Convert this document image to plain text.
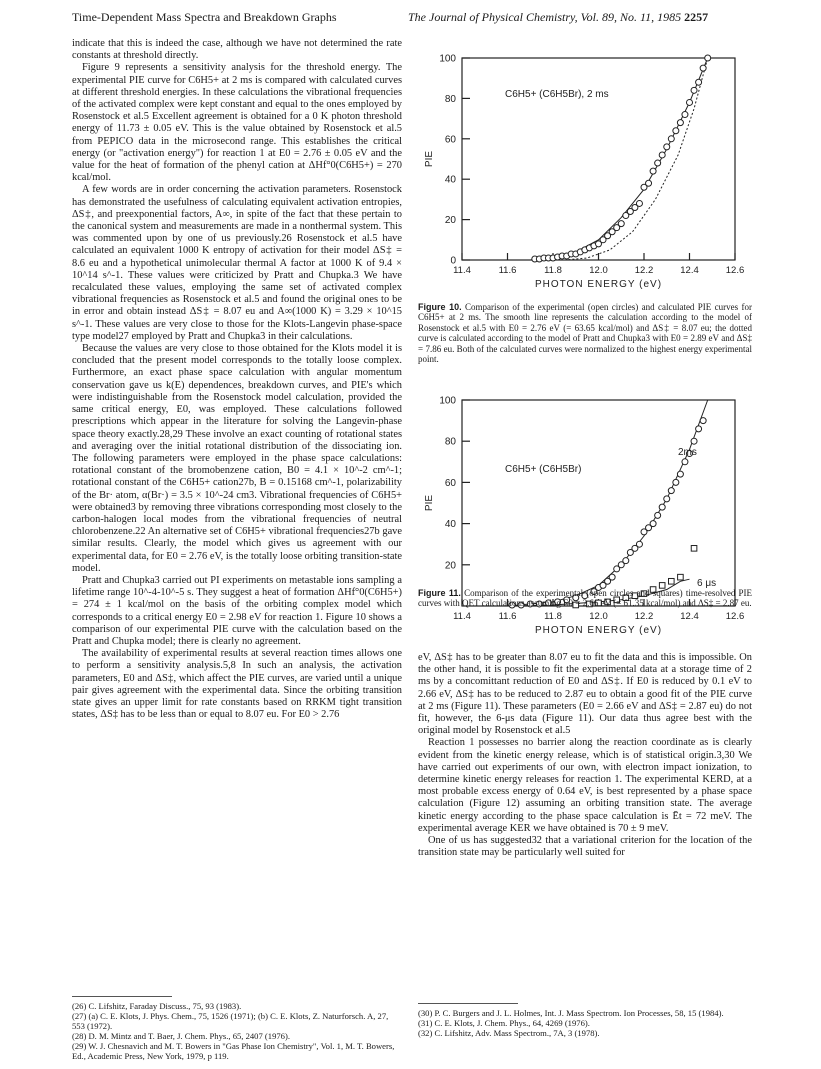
Time-Dependent Mass Spectra and Breakdown Graphs	The Journal of Physical Chemistry, Vol. 89, No. 11, 1985 2257

indicate that this is indeed the case, although we have not determined the rate constants at threshold directly.

Figure 9 represents a sensitivity analysis for the threshold energy. The experimental PIE curve for C6H5+ at 2 ms is compared with calculated curves at different threshold energies. In these calculations the vibrational frequencies of the activated complex were kept constant and equal to the ones employed by Rosenstock et al.5 Excellent agreement is obtained for a 0 K photon threshold energy of 11.73 ± 0.05 eV. This is the value obtained by Rosenstock et al.5 from PEPICO data in the microsecond range. This establishes the critical energy (or "activation energy") for reaction 1 at E0 = 2.76 ± 0.05 eV and the value for the heat of formation of the phenyl cation at ΔHf°0(C6H5+) = 270 kcal/mol.

A few words are in order concerning the activation parameters. Rosenstock has demonstrated the usefulness of calculating equivalent activation entropies, ΔS‡, and preexponential factors, A∞, in spite of the fact that these pertain to the canonical system and measurements are made in a nonthermal system. This was commented upon by one of us previously.26 Rosenstock et al.5 have calculated an equivalent 1000 K entropy of activation for their model ΔS‡ = 8.6 eu and a hypothetical unimolecular thermal A factor at 1000 K of 9.4 × 10^14 s^-1. These values were criticized by Pratt and Chupka.3 We have recalculated these values, employing the same set of activated complex vibrational frequencies as Rosenstock et al.5 and found the original ones to be in error and obtain instead ΔS‡ = 8.07 eu and A∞(1000 K) = 3.29 × 10^15 s^-1. These values are very close to those for the Klots-Langevin phase-space type model27 employed by Pratt and Chupka3 in their calculations.

Because the values are very close to those obtained for the Klots model it is concluded that the present model corresponds to the totally loose complex. Furthermore, an exact phase space calculation with angular momentum conservation gave us k(E) dependences, breakdown curves, and PIE's which were indistinguishable from the Rosenstock model calculation, provided the same critical energy, E0, was employed. These calculations followed prescriptions which appear in the literature for solving the Langevin-phase space theory exactly.28,29 These involve an exact counting of rotational states and averaging over the initial rotational distribution of the dissociating ion. The following parameters were employed in the phase space calculations: rotational constant of the bromobenzene cation, B0 = 4.1 × 10^-2 cm^-1; rotational constant of the C6H5+ cation27b, B = 0.15168 cm^-1, polarizability of the Br· atom, α(Br·) = 3.5 × 10^-24 cm3. Vibrational frequencies of C6H5+ were obtained3 by removing three vibrations corresponding most closely to the carbon-halogen local modes from the vibrational frequencies of neutral chlorobenzene.22 An alternative set of C6H5+ vibrational frequencies27b gave similar results. Clearly, the model which gives us agreement with our experimental data, for E0 = 2.76 eV, is the totally loose orbiting transition-state model.

Pratt and Chupka3 carried out PI experiments on metastable ions sampling a lifetime range 10^-4-10^-5 s. They suggest a heat of formation ΔHf°0(C6H5+) = 274 ± 1 kcal/mol on the basis of the orbiting complex model which corresponds to a critical energy E0 = 2.98 eV for reaction 1. Figure 10 shows a comparison of our experimental PIE curve with the calculation based on the Pratt and Chupka model; there is clearly no agreement.

The availability of experimental results at several reaction times allows one to perform a sensitivity analysis.5,8 In such an analysis, the activation parameters, E0 and ΔS‡, which affect the PIE curves, are varied until a unique pair gives agreement with the experimental data. Since the orbiting transition state gives an upper limit for rate constants based on RRKM tight transition states, ΔS‡ has to be less than or equal to 8.07 eu. For E0 > 2.76

(26) C. Lifshitz, Faraday Discuss., 75, 93 (1983).
(27) (a) C. E. Klots, J. Phys. Chem., 75, 1526 (1971); (b) C. E. Klots, Z. Naturforsch. A, 27, 553 (1972).
(28) D. M. Mintz and T. Baer, J. Chem. Phys., 65, 2407 (1976).
(29) W. J. Chesnavich and M. T. Bowers in "Gas Phase Ion Chemistry", Vol. 1, M. T. Bowers, Ed., Academic Press, New York, 1979, p 119.
0
20
40
60
80
100
11.4	11.6	11.8	12.0	12.2	12.4	12.6
PHOTON ENERGY (eV)
PIE
C6H5+ (C6H5Br), 2 ms
Figure 10. Comparison of the experimental (open circles) and calculated PIE curves for C6H5+ at 2 ms. The smooth line represents the calculation according to the model of Rosenstock et al.5 with E0 = 2.76 eV (= 63.65 kcal/mol) and ΔS‡ = 8.07 eu; the dotted curve is calculated according to the model of Pratt and Chupka3 with E0 = 2.89 eV and ΔS‡ = 7.86 eu. Both of the calculated curves were normalized to the highest energy experimental point.
20
40
60
80
100
11.4	11.6	11.8	12.0	12.2	12.4	12.6
PHOTON ENERGY (eV)
PIE
C6H5+ (C6H5Br)
2ms
6 μs
Figure 11. Comparison of the experimental (open circles and squares) time-resolved PIE curves with QET calculations assuming E0 = 2.66 eV (= 61.35 kcal/mol) and ΔS‡ = 2.87 eu.

eV, ΔS‡ has to be greater than 8.07 eu to fit the data and this is impossible. On the other hand, it is possible to fit the experimental data at a storage time of 2 ms by a concomittant reduction of E0 and ΔS‡. If E0 is reduced by 0.1 eV to 2.66 eV, ΔS‡ has to be reduced to 2.87 eu to obtain a good fit of the PIE curve at 2 ms (Figure 11). These parameters (E0 = 2.66 eV and ΔS‡ = 2.87 eu) do not fit, however, the 6-μs data (Figure 11). Our data thus agree best with the original model by Rosenstock et al.5

Reaction 1 possesses no barrier along the reaction coordinate as is clearly evident from the kinetic energy release, which is of statistical origin.3,30 We have carried out experiments of our own, with electron impact ionization, to determine kinetic energy releases for reaction 1. The experimental KERD, at a most probable excess energy of 0.64 eV, is best represented by a phase space calculation (Figure 12) assuming an orbiting transition state. The average kinetic energy according to the phase space calculation is Ēt = 72 meV. The experimental average KER we have obtained is 70 ± 9 meV.

One of us has suggested32 that a variational criterion for the location of the transition state may be particularly well suited for

(30) P. C. Burgers and J. L. Holmes, Int. J. Mass Spectrom. Ion Processes, 58, 15 (1984).
(31) C. E. Klots, J. Chem. Phys., 64, 4269 (1976).
(32) C. Lifshitz, Adv. Mass Spectrom., 7A, 3 (1978).
